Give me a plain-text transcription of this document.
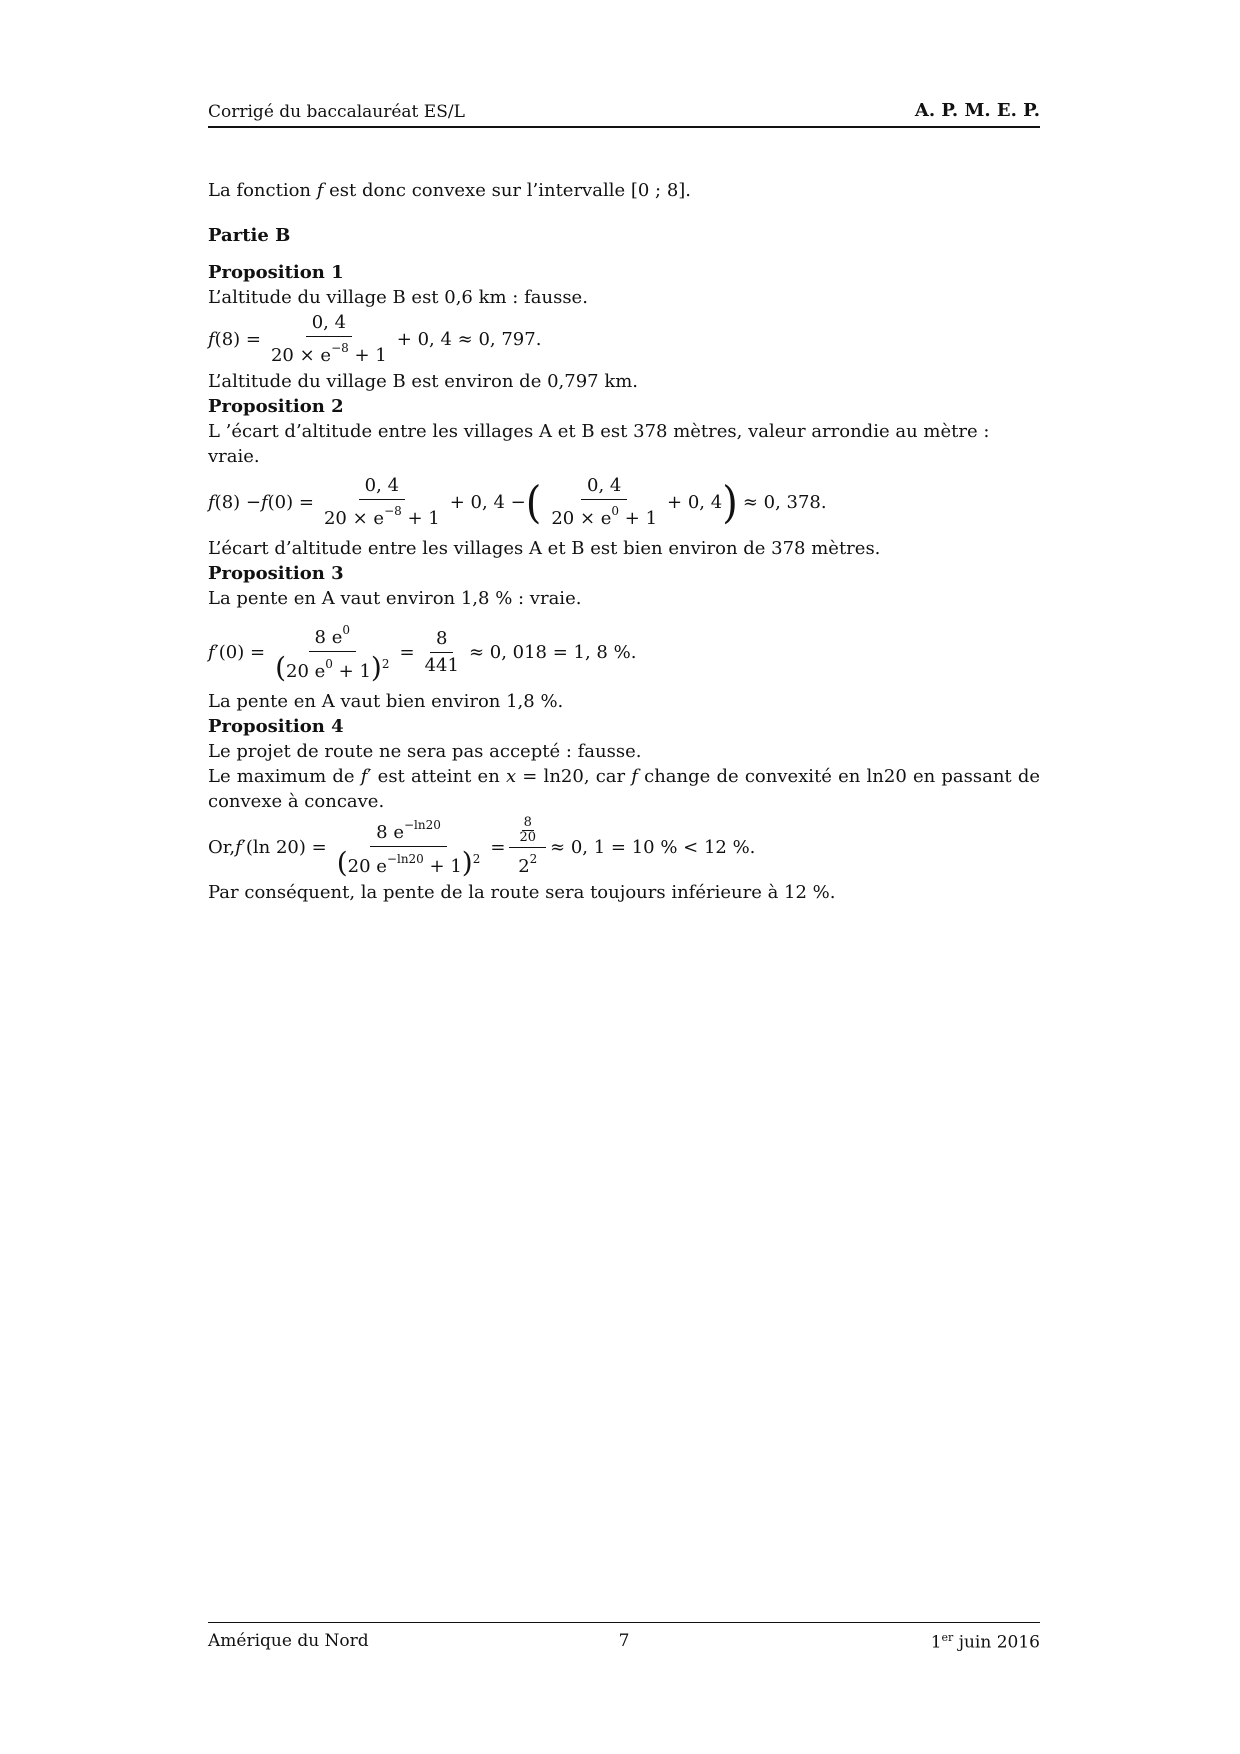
Corrigé du baccalauréat ES/L	A. P. M. E. P.

La fonction f est donc convexe sur l’intervalle [0 ; 8].

Partie B

Proposition 1

L’altitude du village B est 0,6 km : fausse.

f $(8) = \frac{0, 4}{20 \times e^{-8} + 1} + 0$, 4 ≈ 0, 797.

L’altitude du village B est environ de 0,797 km.

Proposition 2

L ’écart d’altitude entre les villages A et B est 378 mètres, valeur arrondie au mètre : vraie.

f (8) − f $(0) = \frac{0, 4}{20 \times e^{-8} + 1} + 0$, 4 − ( $\frac{0, 4}{20 \times e^0 + 1} + 0$, 4 ) ≈ 0, 378.

L’écart d’altitude entre les villages A et B est bien environ de 378 mètres.

Proposition 3

La pente en A vaut environ 1,8 % : vraie.

f $'(0) = \frac{8 e^0}{(20 e^0 + 1)^2} = \frac{8}{441} \approx 0$, 018 = 1, 8 %.

La pente en A vaut bien environ 1,8 %.

Proposition 4

Le projet de route ne sera pas accepté : fausse.

Le maximum de f′ est atteint en x = ln20, car f change de convexité en ln20 en passant de convexe à concave.

Or, f ′(ln $20) = \frac{8 e^{-ln20}}{(20 e^{-ln20} + 1)^2} = \frac{\frac{8}{20}}{2^2} \approx 0$, 1 = 10 % < 12 %.

Par conséquent, la pente de la route sera toujours inférieure à 12 %.

Amérique du Nord	7	1er juin 2016
